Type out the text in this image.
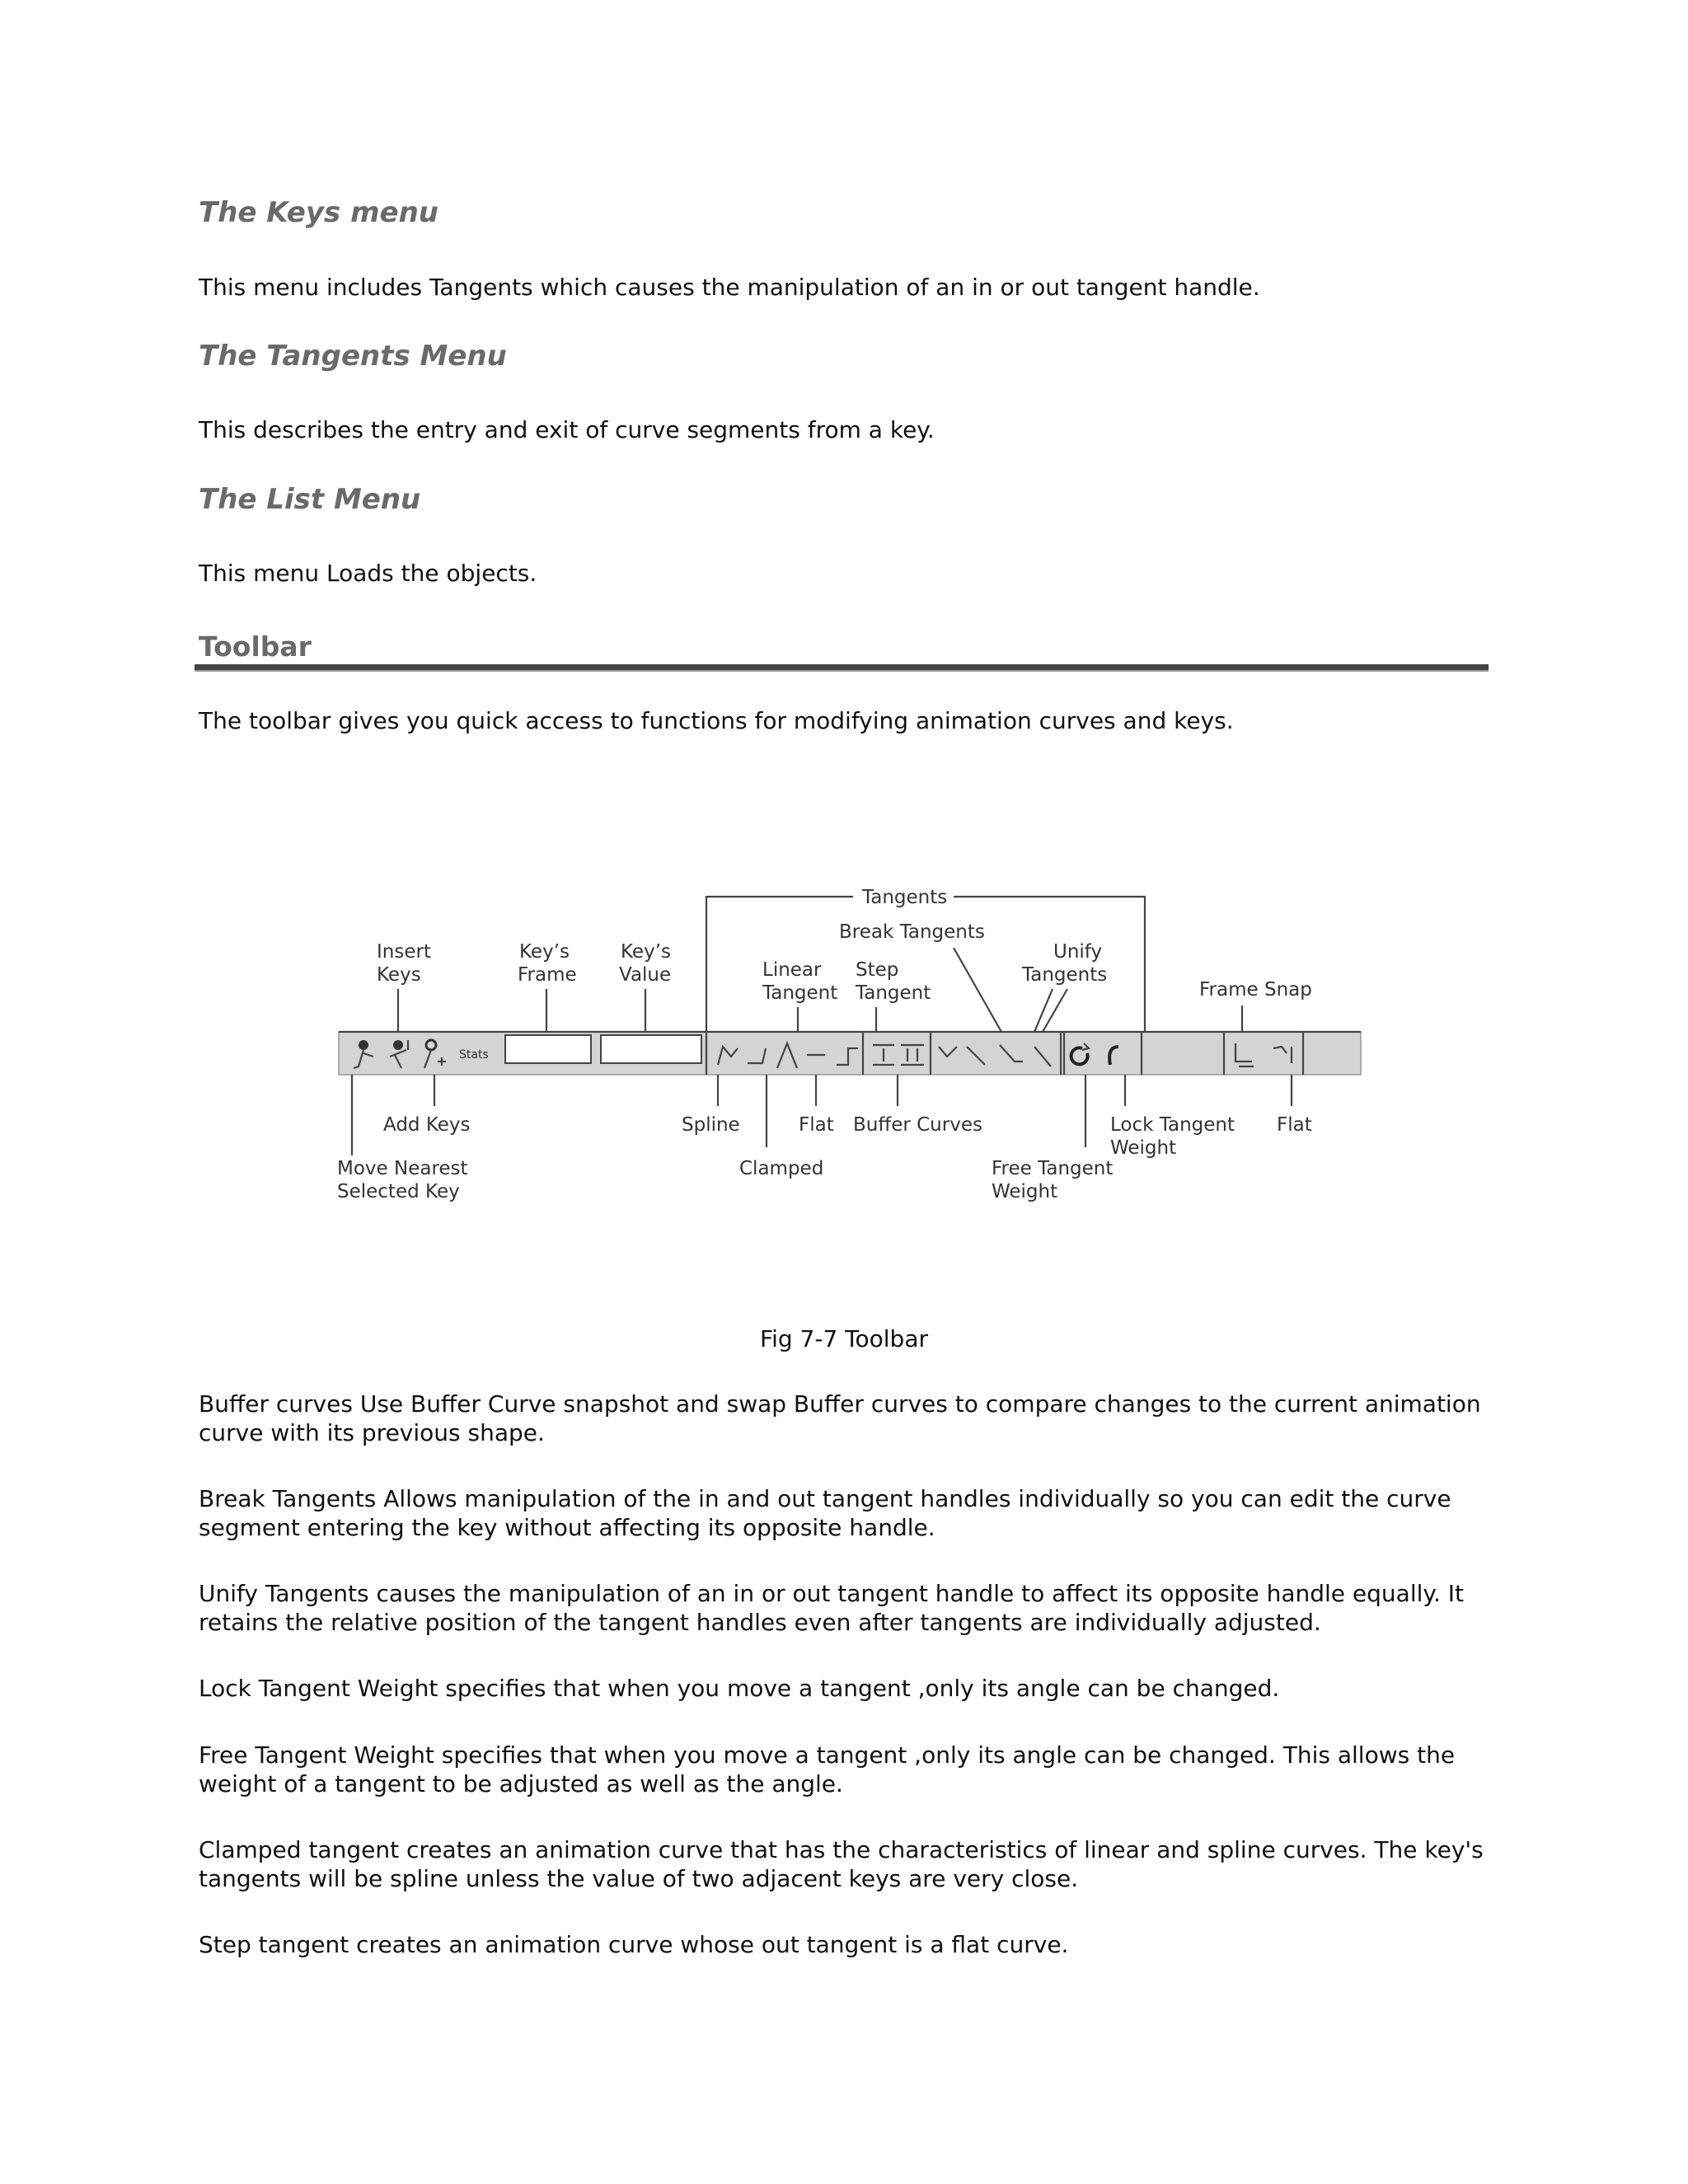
The Keys menu

This menu includes Tangents which causes the manipulation of an in or out tangent handle.

The Tangents Menu

This describes the entry and exit of curve segments from a key.

The List Menu

This menu Loads the objects.

Toolbar

The toolbar gives you quick access to functions for modifying animation curves and keys.

Tangents
Break Tangents
Insert
Keys
Key’s
Frame
Key’s
Value	Linear
Tangent
Step
Tangent
Unify
Tangents
Frame Snap
Stats
Add Keys
Move Nearest
Selected Key
Spline
Clamped
Flat Buffer Curves	Lock Tangent
Weight
Free Tangent
Weight
Flat
Fig 7-7 Toolbar

Buffer curves Use Buffer Curve snapshot and swap Buffer curves to compare changes to the current animation curve with its previous shape.

Break Tangents Allows manipulation of the in and out tangent handles individually so you can edit the curve segment entering the key without affecting its opposite handle.

Unify Tangents causes the manipulation of an in or out tangent handle to affect its opposite handle equally. It retains the relative position of the tangent handles even after tangents are individually adjusted.

Lock Tangent Weight specifies that when you move a tangent ,only its angle can be changed.

Free Tangent Weight specifies that when you move a tangent ,only its angle can be changed. This allows the weight of a tangent to be adjusted as well as the angle.

Clamped tangent creates an animation curve that has the characteristics of linear and spline curves. The key's tangents will be spline unless the value of two adjacent keys are very close.

Step tangent creates an animation curve whose out tangent is a flat curve.
